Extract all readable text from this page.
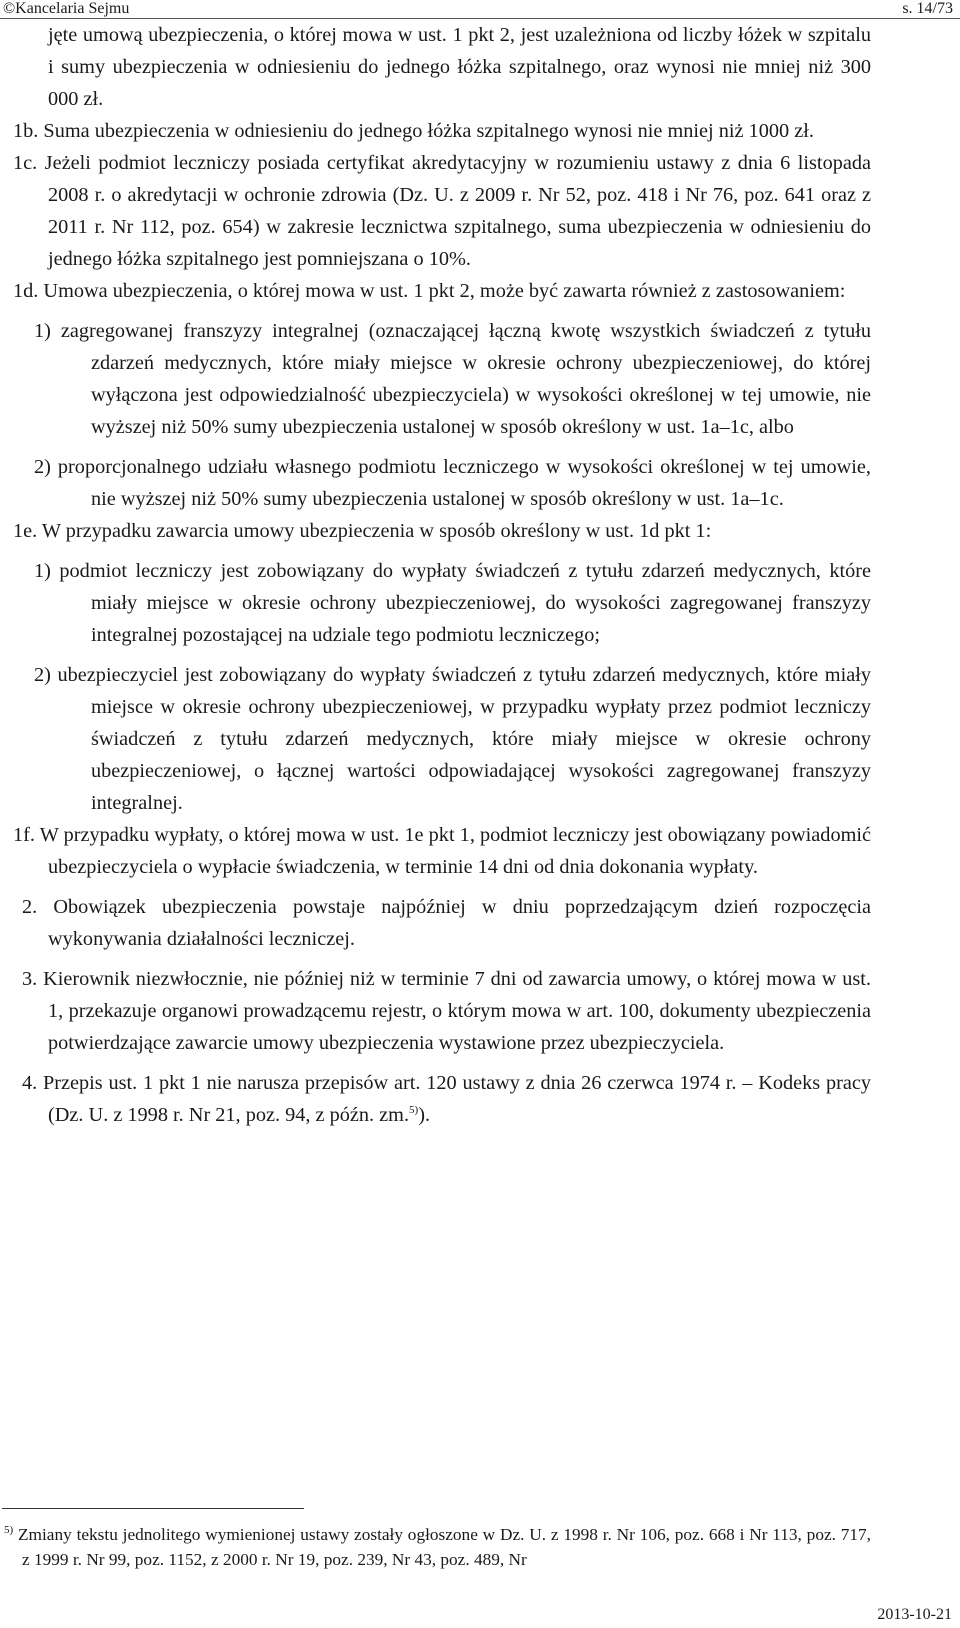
©Kancelaria Sejmu	s. 14/73

jęte umową ubezpieczenia, o której mowa w ust. 1 pkt 2, jest uzależniona od liczby łóżek w szpitalu i sumy ubezpieczenia w odniesieniu do jednego łóżka szpitalnego, oraz wynosi nie mniej niż 300 000 zł.

1b. Suma ubezpieczenia w odniesieniu do jednego łóżka szpitalnego wynosi nie mniej niż 1000 zł.

1c. Jeżeli podmiot leczniczy posiada certyfikat akredytacyjny w rozumieniu ustawy z dnia 6 listopada 2008 r. o akredytacji w ochronie zdrowia (Dz. U. z 2009 r. Nr 52, poz. 418 i Nr 76, poz. 641 oraz z 2011 r. Nr 112, poz. 654) w zakresie lecznictwa szpitalnego, suma ubezpieczenia w odniesieniu do jednego łóżka szpitalnego jest pomniejszana o 10%.

1d. Umowa ubezpieczenia, o której mowa w ust. 1 pkt 2, może być zawarta również z zastosowaniem:

1) zagregowanej franszyzy integralnej (oznaczającej łączną kwotę wszystkich świadczeń z tytułu zdarzeń medycznych, które miały miejsce w okresie ochrony ubezpieczeniowej, do której wyłączona jest odpowiedzialność ubezpieczyciela) w wysokości określonej w tej umowie, nie wyższej niż 50% sumy ubezpieczenia ustalonej w sposób określony w ust. 1a–1c, albo

2) proporcjonalnego udziału własnego podmiotu leczniczego w wysokości określonej w tej umowie, nie wyższej niż 50% sumy ubezpieczenia ustalonej w sposób określony w ust. 1a–1c.

1e. W przypadku zawarcia umowy ubezpieczenia w sposób określony w ust. 1d pkt 1:

1) podmiot leczniczy jest zobowiązany do wypłaty świadczeń z tytułu zdarzeń medycznych, które miały miejsce w okresie ochrony ubezpieczeniowej, do wysokości zagregowanej franszyzy integralnej pozostającej na udziale tego podmiotu leczniczego;

2) ubezpieczyciel jest zobowiązany do wypłaty świadczeń z tytułu zdarzeń medycznych, które miały miejsce w okresie ochrony ubezpieczeniowej, w przypadku wypłaty przez podmiot leczniczy świadczeń z tytułu zdarzeń medycznych, które miały miejsce w okresie ochrony ubezpieczeniowej, o łącznej wartości odpowiadającej wysokości zagregowanej franszyzy integralnej.

1f. W przypadku wypłaty, o której mowa w ust. 1e pkt 1, podmiot leczniczy jest obowiązany powiadomić ubezpieczyciela o wypłacie świadczenia, w terminie 14 dni od dnia dokonania wypłaty.

2. Obowiązek ubezpieczenia powstaje najpóźniej w dniu poprzedzającym dzień rozpoczęcia wykonywania działalności leczniczej.

3. Kierownik niezwłocznie, nie później niż w terminie 7 dni od zawarcia umowy, o której mowa w ust. 1, przekazuje organowi prowadzącemu rejestr, o którym mowa w art. 100, dokumenty ubezpieczenia potwierdzające zawarcie umowy ubezpieczenia wystawione przez ubezpieczyciela.

4. Przepis ust. 1 pkt 1 nie narusza przepisów art. 120 ustawy z dnia 26 czerwca 1974 r. – Kodeks pracy (Dz. U. z 1998 r. Nr 21, poz. 94, z późn. zm.$^{5)}$).

$^{5)}$ Zmiany tekstu jednolitego wymienionej ustawy zostały ogłoszone w Dz. U. z 1998 r. Nr 106, poz. 668 i Nr 113, poz. 717, z 1999 r. Nr 99, poz. 1152, z 2000 r. Nr 19, poz. 239, Nr 43, poz. 489, Nr

2013-10-21
